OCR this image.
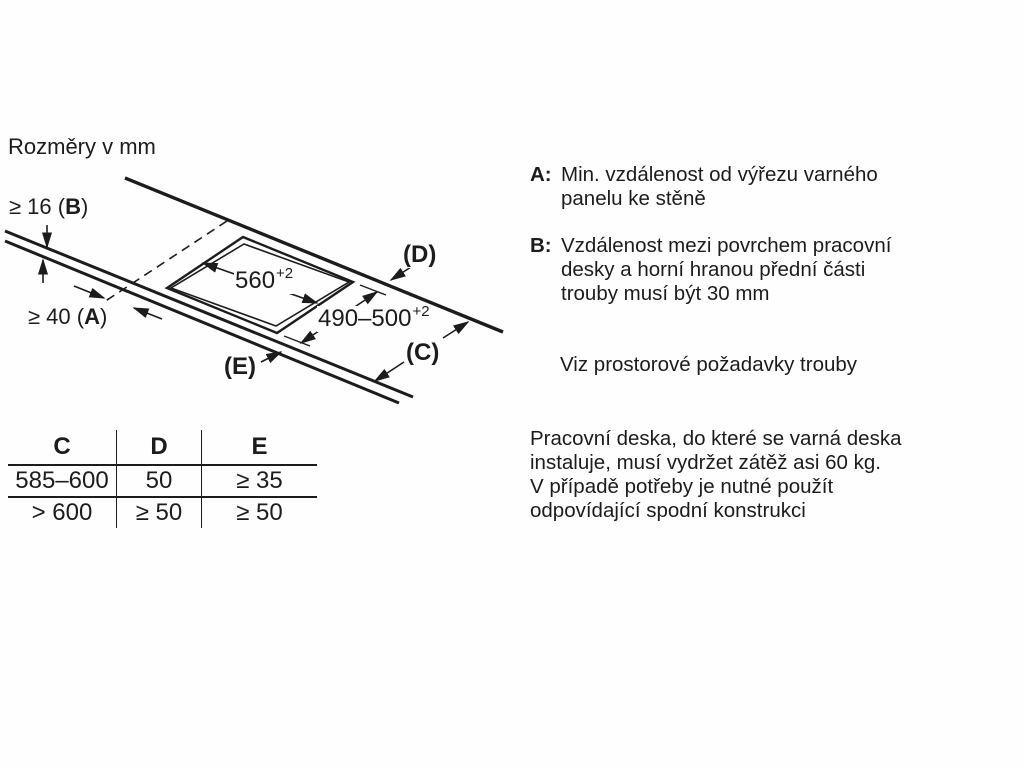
Rozměry v mm
≥ 16 (B)
≥ 40 (A)
$560^{+2}$
$490-500^{+2}$
(D)
(C)
(E)
C	D	E
585–600	50	≥ 35
> 600	≥ 50	≥ 50
A: Min. vzdálenost od výřezu varného
panelu ke stěně
B: Vzdálenost mezi povrchem pracovní
desky a horní hranou přední části
trouby musí být 30 mm
Viz prostorové požadavky trouby
Pracovní deska, do které se varná deska
instaluje, musí vydržet zátěž asi 60 kg.
V případě potřeby je nutné použít
odpovídající spodní konstrukci
